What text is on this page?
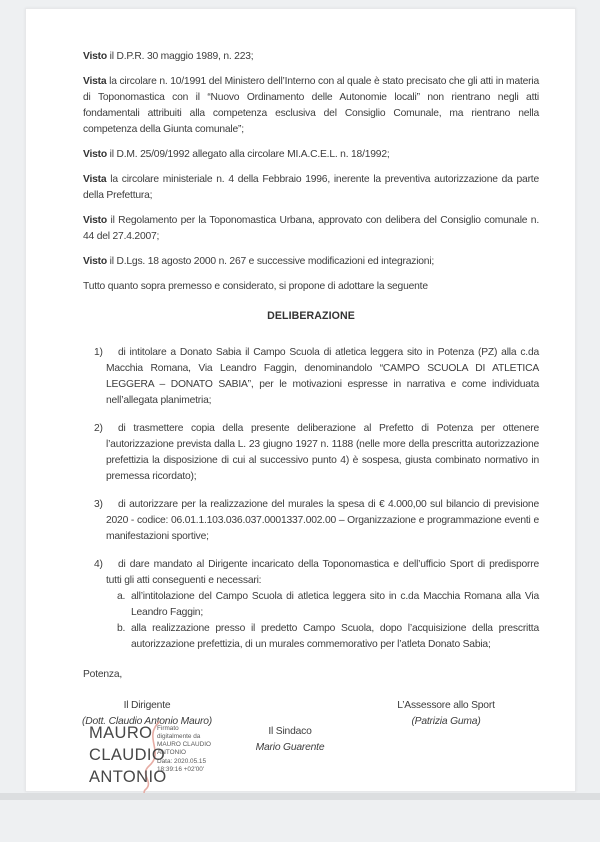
Visto il D.P.R. 30 maggio 1989, n. 223;

Vista la circolare n. 10/1991 del Ministero dell’Interno con al quale è stato precisato che gli atti in materia di Toponomastica con il “Nuovo Ordinamento delle Autonomie locali” non rientrano negli atti fondamentali attribuiti alla competenza esclusiva del Consiglio Comunale, ma rientrano nella competenza della Giunta comunale”;

Visto il D.M. 25/09/1992 allegato alla circolare MI.A.C.E.L. n. 18/1992;

Vista la circolare ministeriale n. 4 della Febbraio 1996, inerente la preventiva autorizzazione da parte della Prefettura;

Visto il Regolamento per la Toponomastica Urbana, approvato con delibera del Consiglio comunale n. 44 del 27.4.2007;

Visto il D.Lgs. 18 agosto 2000 n. 267 e successive modificazioni ed integrazioni;

Tutto quanto sopra premesso e considerato, si propone di adottare la seguente

DELIBERAZIONE
1) di intitolare a Donato Sabia il Campo Scuola di atletica leggera sito in Potenza (PZ) alla c.da Macchia Romana, Via Leandro Faggin, denominandolo “CAMPO SCUOLA DI ATLETICA LEGGERA – DONATO SABIA”, per le motivazioni espresse in narrativa e come individuata nell’allegata planimetria;
2) di trasmettere copia della presente deliberazione al Prefetto di Potenza per ottenere l’autorizzazione prevista dalla L. 23 giugno 1927 n. 1188 (nelle more della prescritta autorizzazione prefettizia la disposizione di cui al successivo punto 4) è sospesa, giusta combinato normativo in premessa ricordato);
3) di autorizzare per la realizzazione del murales la spesa di € 4.000,00 sul bilancio di previsione 2020 - codice: 06.01.1.103.036.037.0001337.002.00 – Organizzazione e programmazione eventi e manifestazioni sportive;
4) di dare mandato al Dirigente incaricato della Toponomastica e dell’ufficio Sport di predisporre tutti gli atti conseguenti e necessari:
a. all’intitolazione del Campo Scuola di atletica leggera sito in c.da Macchia Romana alla Via Leandro Faggin;
b. alla realizzazione presso il predetto Campo Scuola, dopo l’acquisizione della prescritta autorizzazione prefettizia, di un murales commemorativo per l’atleta Donato Sabia;

Potenza,

Il Dirigente
(Dott. Claudio Antonio Mauro)
L’Assessore allo Sport
(Patrizia Guma)
Il Sindaco
Mario Guarente
MAURO
CLAUDIO
ANTONIO
Firmato digitalmente da MAURO CLAUDIO ANTONIO
Data: 2020.05.15 18:39:16 +02'00'
